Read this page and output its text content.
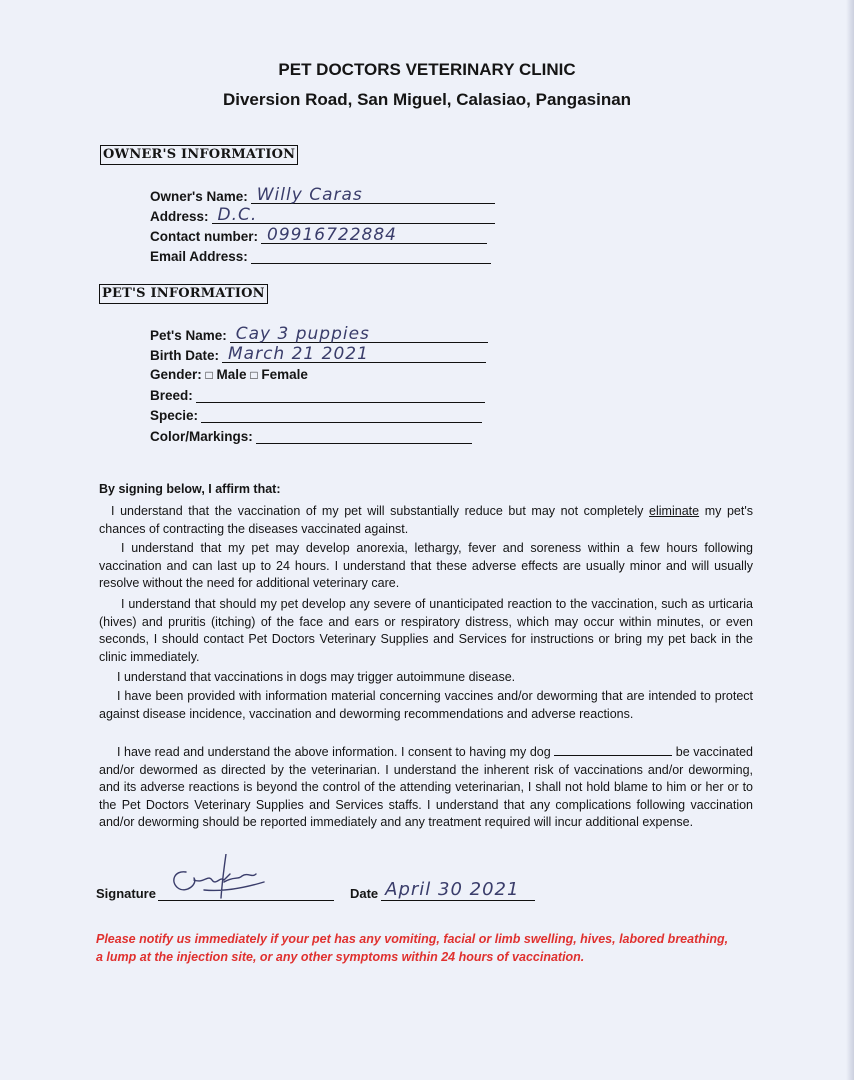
PET DOCTORS VETERINARY CLINIC
Diversion Road, San Miguel, Calasiao, Pangasinan
OWNER'S INFORMATION
Owner's Name: Willy Caras
Address: D.C.
Contact number: 09916722884
Email Address:
PET'S INFORMATION
Pet's Name: Cay 3 puppies
Birth Date: March 21 2021
Gender: □ Male □ Female
Breed:
Specie:
Color/Markings:
By signing below, I affirm that:
I understand that the vaccination of my pet will substantially reduce but may not completely eliminate my pet's chances of contracting the diseases vaccinated against.
I understand that my pet may develop anorexia, lethargy, fever and soreness within a few hours following vaccination and can last up to 24 hours. I understand that these adverse effects are usually minor and will usually resolve without the need for additional veterinary care.
I understand that should my pet develop any severe of unanticipated reaction to the vaccination, such as urticaria (hives) and pruritis (itching) of the face and ears or respiratory distress, which may occur within minutes, or even seconds, I should contact Pet Doctors Veterinary Supplies and Services for instructions or bring my pet back in the clinic immediately.
I understand that vaccinations in dogs may trigger autoimmune disease.
I have been provided with information material concerning vaccines and/or deworming that are intended to protect against disease incidence, vaccination and deworming recommendations and adverse reactions.
I have read and understand the above information. I consent to having my dog	be vaccinated and/or dewormed as directed by the veterinarian. I understand the inherent risk of vaccinations and/or deworming, and its adverse reactions is beyond the control of the attending veterinarian, I shall not hold blame to him or her or to the Pet Doctors Veterinary Supplies and Services staffs. I understand that any complications following vaccination and/or deworming should be reported immediately and any treatment required will incur additional expense.
Signature	Date April 30 2021
Please notify us immediately if your pet has any vomiting, facial or limb swelling, hives, labored breathing, a lump at the injection site, or any other symptoms within 24 hours of vaccination.
